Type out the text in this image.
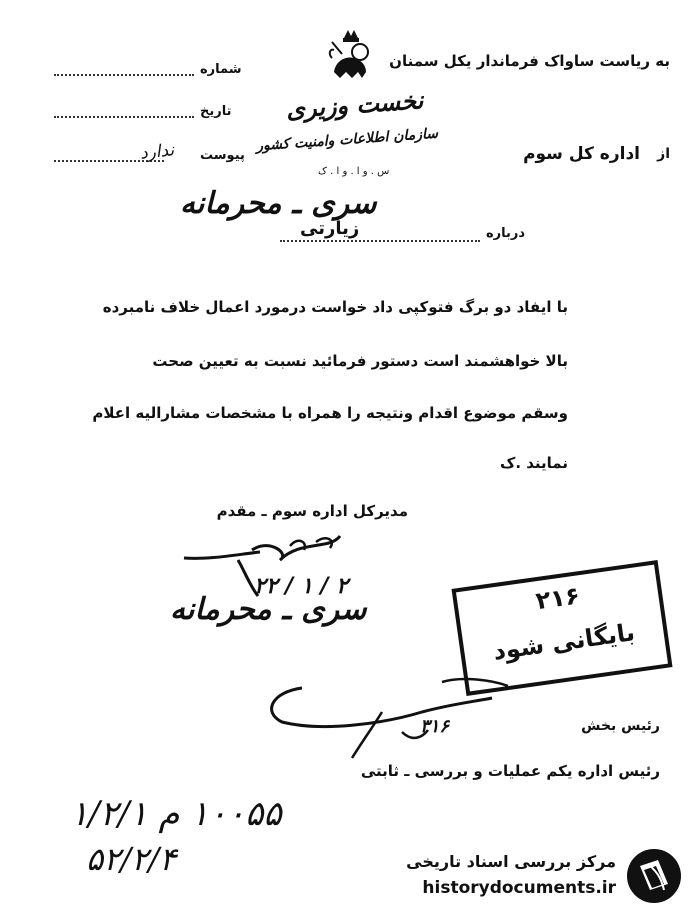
به ریاست ساواک فرماندار یکل سمنان
نخست وزیری
سازمان اطلاعات وامنیت کشور
س . و ا . و ا . ک
از
اداره کل سوم
شماره
تاریخ
ندارد پیوست
سری ـ محرمانه
درباره
زیارتی
با ایفاد دو برگ فتوکپی داد خواست درمورد اعمال خلاف نامبرده
بالا خواهشمند است دستور فرمائید نسبت به تعیین صحت
وسقم موضوع اقدام ونتیجه را همراه با مشخصات مشارالیه اعلام
نمایند .ک
مدیرکل اداره سوم ـ مقدم
۲۲ / ۱ / ۲
سری ـ محرمانه	۲۱۶
بایگانی شود
رئیس بخش
۳۱۶
رئیس اداره یکم عملیات و بررسی ـ ثابتی
۱۰۰۵۵ م ۱/۲/۱
۵۲/۲/۴	مرکز بررسی اسناد تاریخی
historydocuments.ir
